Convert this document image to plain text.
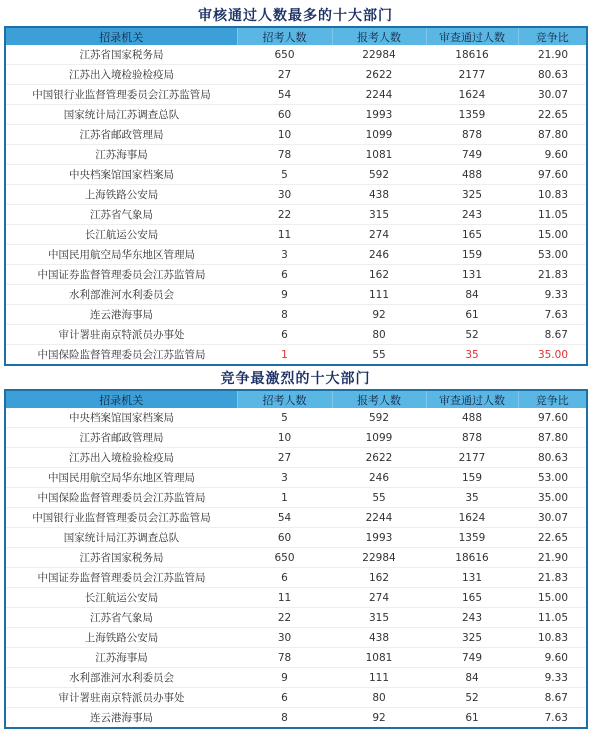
审核通过人数最多的十大部门
招录机关	招考人数	报考人数	审查通过人数	竞争比
江苏省国家税务局	650	22984	18616	21.90
江苏出入境检验检疫局	27	2622	2177	80.63
中国银行业监督管理委员会江苏监管局	54	2244	1624	30.07
国家统计局江苏调查总队	60	1993	1359	22.65
江苏省邮政管理局	10	1099	878	87.80
江苏海事局	78	1081	749	9.60
中央档案馆国家档案局	5	592	488	97.60
上海铁路公安局	30	438	325	10.83
江苏省气象局	22	315	243	11.05
长江航运公安局	11	274	165	15.00
中国民用航空局华东地区管理局	3	246	159	53.00
中国证券监督管理委员会江苏监管局	6	162	131	21.83
水利部淮河水利委员会	9	111	84	9.33
连云港海事局	8	92	61	7.63
审计署驻南京特派员办事处	6	80	52	8.67
中国保险监督管理委员会江苏监管局	1	55	35	35.00
竞争最激烈的十大部门
招录机关	招考人数	报考人数	审查通过人数	竞争比
中央档案馆国家档案局	5	592	488	97.60
江苏省邮政管理局	10	1099	878	87.80
江苏出入境检验检疫局	27	2622	2177	80.63
中国民用航空局华东地区管理局	3	246	159	53.00
中国保险监督管理委员会江苏监管局	1	55	35	35.00
中国银行业监督管理委员会江苏监管局	54	2244	1624	30.07
国家统计局江苏调查总队	60	1993	1359	22.65
江苏省国家税务局	650	22984	18616	21.90
中国证券监督管理委员会江苏监管局	6	162	131	21.83
长江航运公安局	11	274	165	15.00
江苏省气象局	22	315	243	11.05
上海铁路公安局	30	438	325	10.83
江苏海事局	78	1081	749	9.60
水利部淮河水利委员会	9	111	84	9.33
审计署驻南京特派员办事处	6	80	52	8.67
连云港海事局	8	92	61	7.63
